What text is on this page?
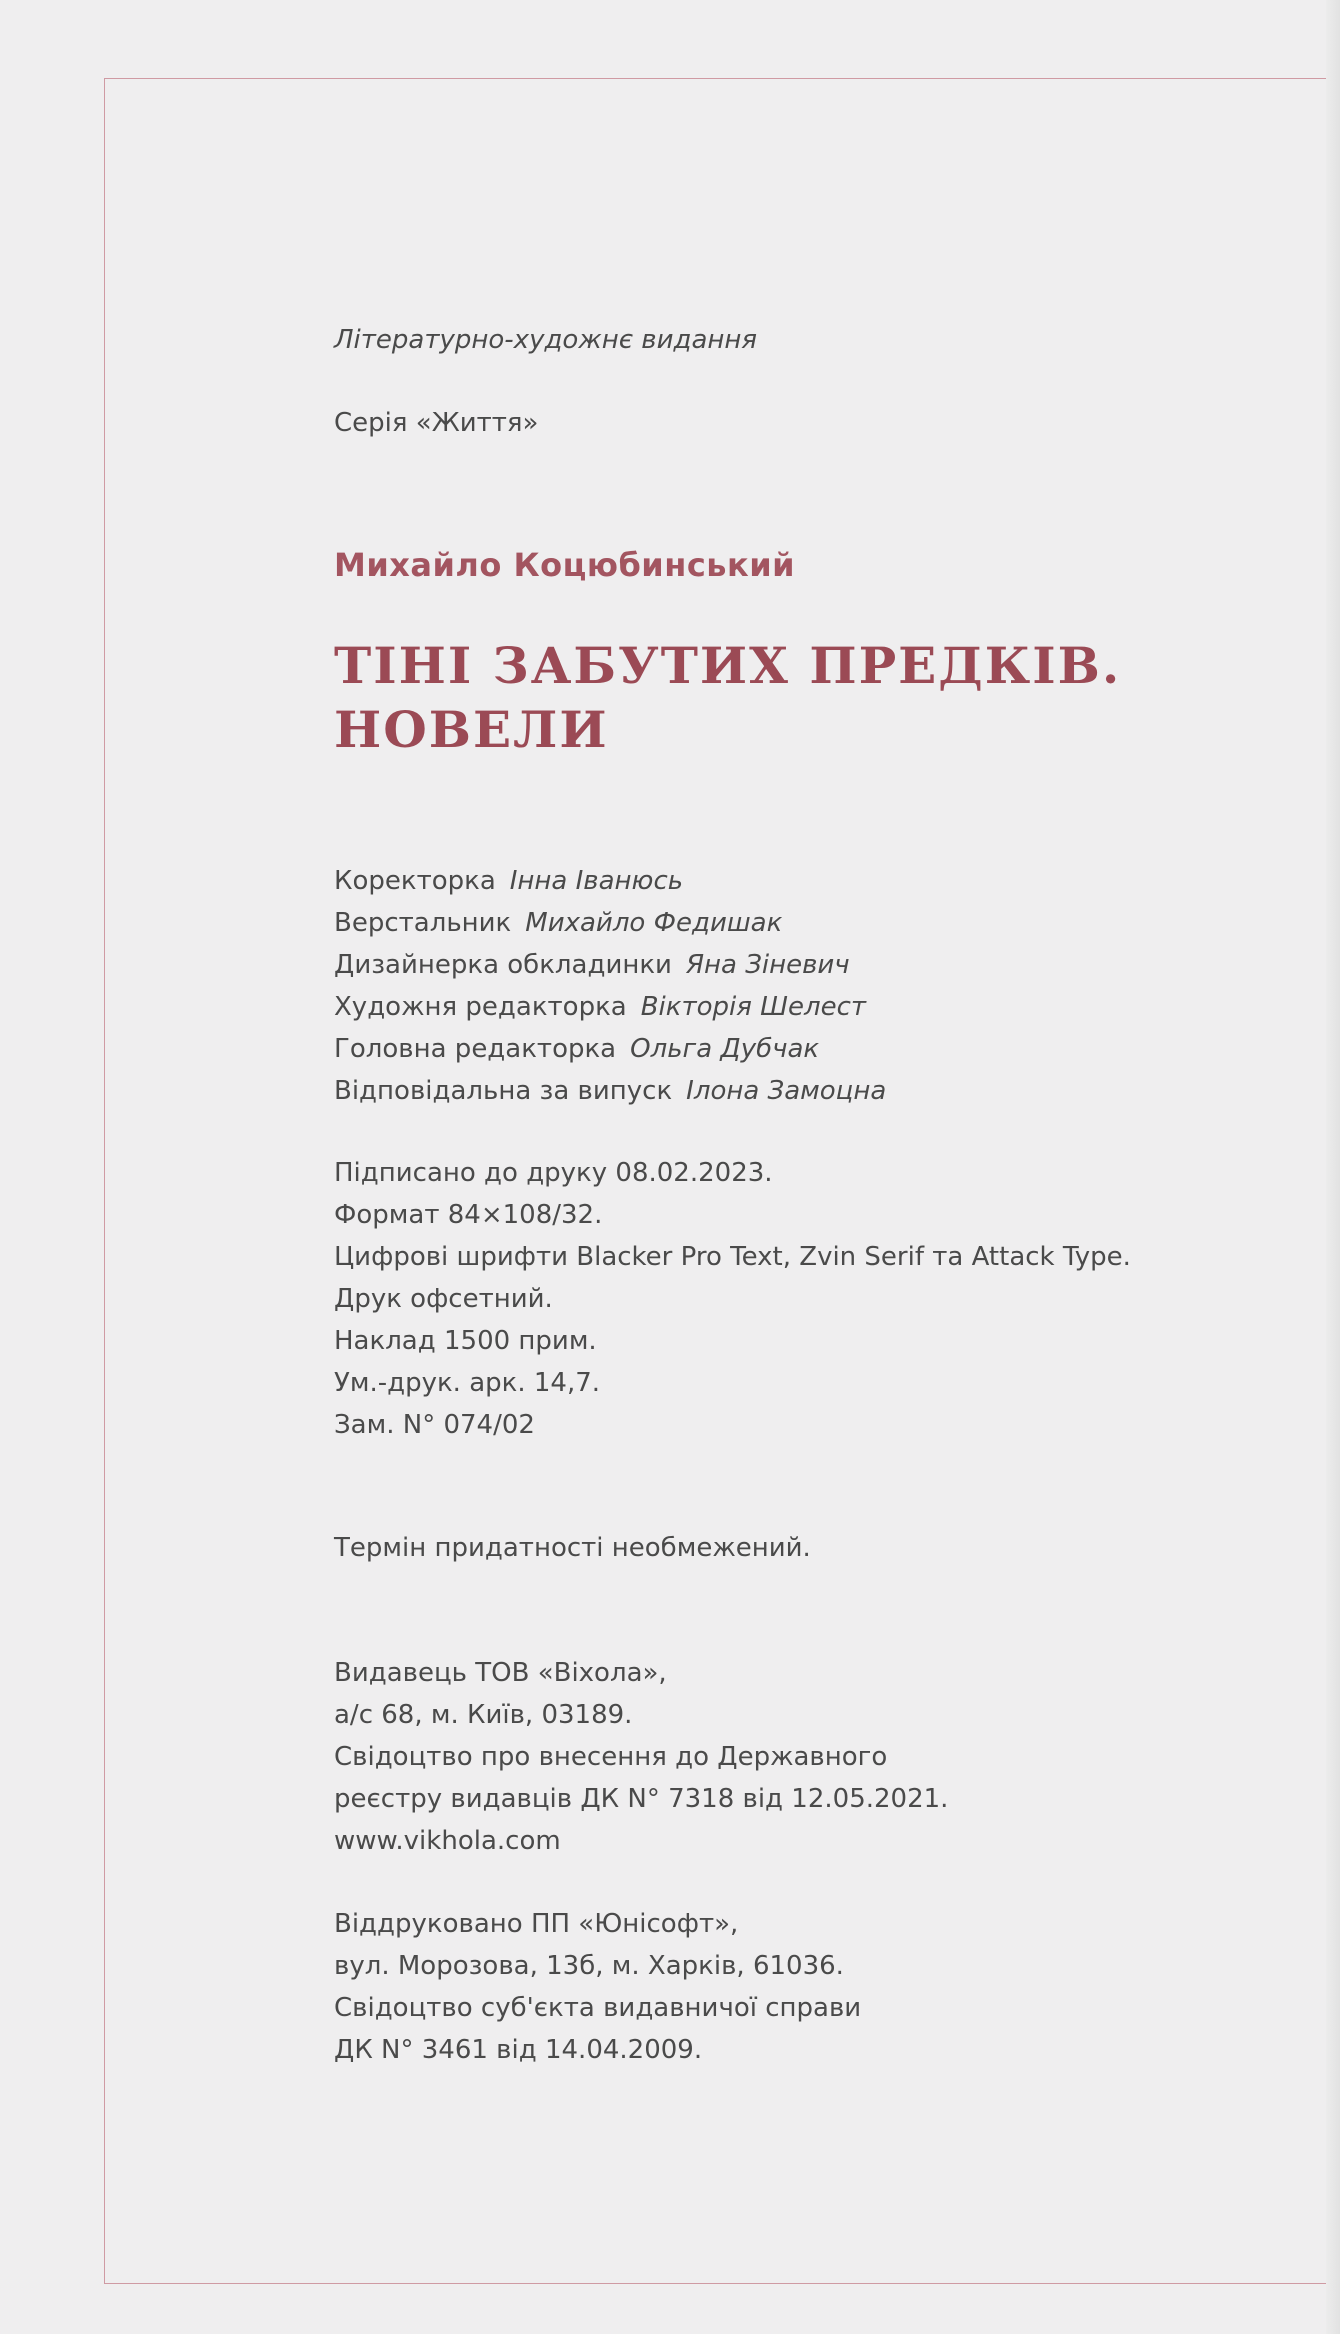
Літературно-художнє видання
Серія «Життя»
Михайло Коцюбинський
ТІНІ ЗАБУТИХ ПРЕДКІВ.
НОВЕЛИ
Коректорка Інна Іванюсь
Верстальник Михайло Федишак
Дизайнерка обкладинки Яна Зіневич
Художня редакторка Вікторія Шелест
Головна редакторка Ольга Дубчак
Відповідальна за випуск Ілона Замоцна
Підписано до друку 08.02.2023.
Формат 84×108/32.
Цифрові шрифти Blacker Pro Text, Zvin Serif та Attack Type.
Друк офсетний.
Наклад 1500 прим.
Ум.-друк. арк. 14,7.
Зам. N° 074/02
Термін придатності необмежений.
Видавець ТОВ «Віхола»,
а/с 68, м. Київ, 03189.
Свідоцтво про внесення до Державного
реєстру видавців ДК N° 7318 від 12.05.2021.
www.vikhola.com
Віддруковано ПП «Юнісофт»,
вул. Морозова, 13б, м. Харків, 61036.
Свідоцтво суб'єкта видавничої справи
ДК N° 3461 від 14.04.2009.
